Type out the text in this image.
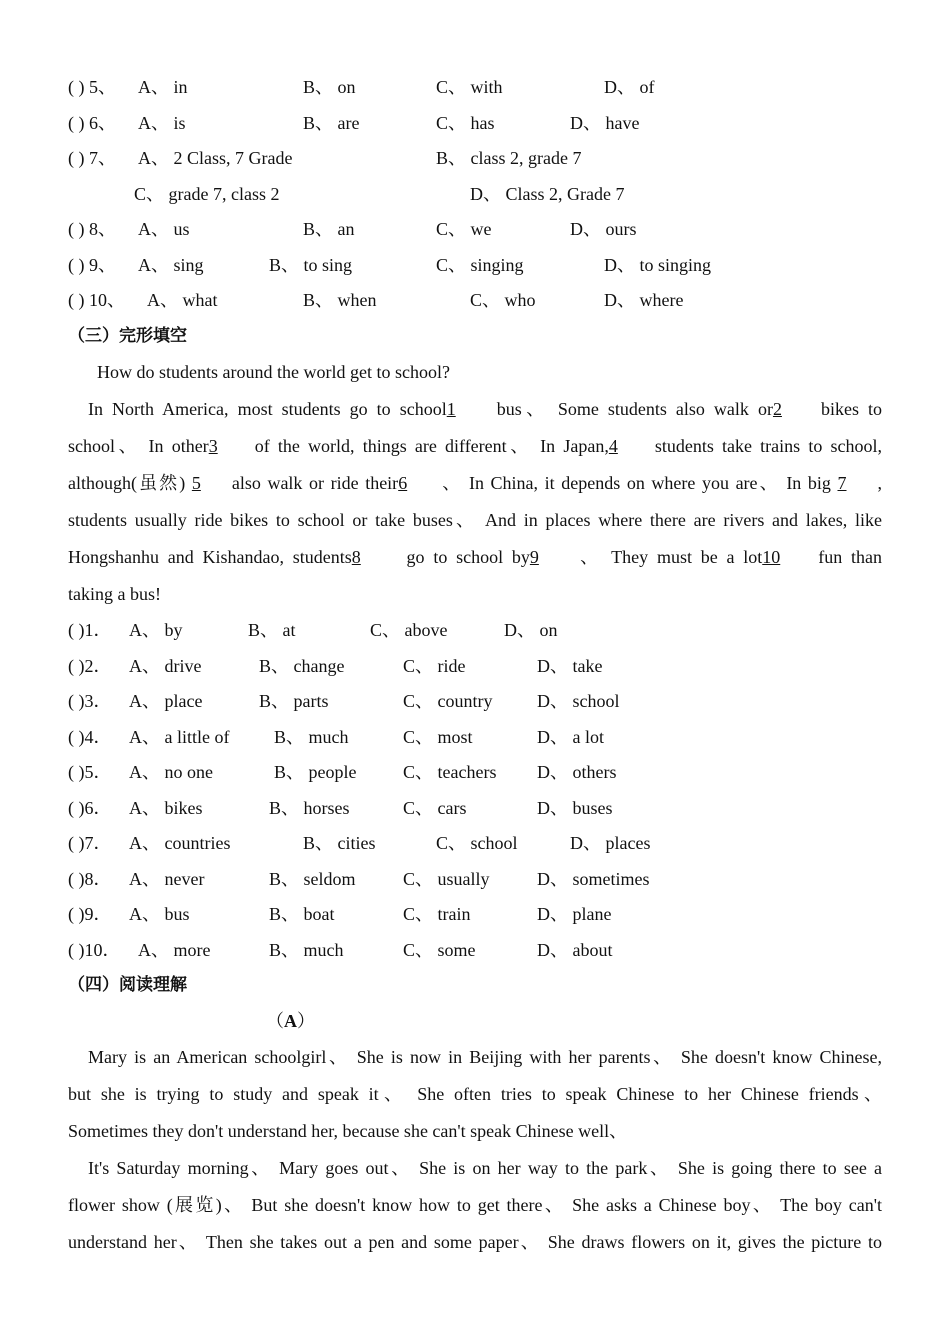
( ) 5、 A、 in	B、 on	C、 with	D、 of
( ) 6、 A、 is	B、 are	C、 has	D、 have
( ) 7、 A、 2 Class, 7 Grade	B、 class 2, grade 7
C、 grade 7, class 2	D、 Class 2, Grade 7
( ) 8、 A、 us	B、 an	C、 we	D、 ours
( ) 9、 A、 sing	B、 to sing	C、 singing	D、 to singing
( ) 10、 A、 what	B、 when	C、 who	D、 where
（三）完形填空
How do students around the world get to school?
In North America, most students go to school1 bus、 Some students also walk or2 bikes to
school、 In other3 of the world, things are different、 In Japan,4 students take trains to school,
although(虽然) 5 also walk or ride their6 、 In China, it depends on where you are、 In big 7 ,
students usually ride bikes to school or take buses、 And in places where there are rivers and lakes, like
Hongshanhu and Kishandao, students8 go to school by9 、 They must be a lot10 fun than
taking a bus!
( )1． A、 by	B、 at	C、 above	D、 on
( )2． A、 drive	B、 change	C、 ride	D、 take
( )3． A、 place	B、 parts	C、 country D、 school
( )4． A、 a little of B、 much	C、 most	D、 a lot
( )5． A、 no one	B、 people	C、 teachers D、 others
( )6． A、 bikes	B、 horses	C、 cars	D、 buses
( )7． A、 countries	B、 cities	C、 school	D、 places
( )8． A、 never	B、 seldom	C、 usually	D、 sometimes
( )9． A、 bus	B、 boat	C、 train	D、 plane
( )10． A、 more	B、 much	C、 some	D、 about
（四）阅读理解
（A）
Mary is an American schoolgirl、 She is now in Beijing with her parents、 She doesn't know Chinese,
but she is trying to study and speak it、 She often tries to speak Chinese to her Chinese friends、
Sometimes they don't understand her, because she can't speak Chinese well、
It's Saturday morning、 Mary goes out、 She is on her way to the park、 She is going there to see a
flower show (展览)、 But she doesn't know how to get there、 She asks a Chinese boy、 The boy can't
understand her、 Then she takes out a pen and some paper、 She draws flowers on it, gives the picture to
